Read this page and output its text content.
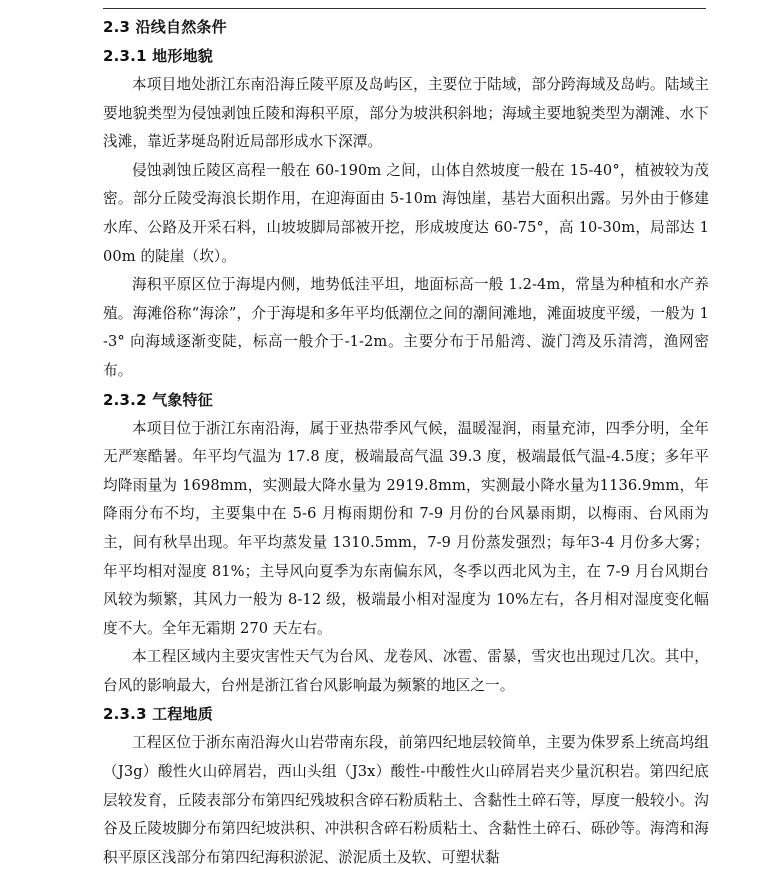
2.3 沿线自然条件
2.3.1 地形地貌

本项目地处浙江东南沿海丘陵平原及岛屿区，主要位于陆域，部分跨海域及岛屿。陆域主要地貌类型为侵蚀剥蚀丘陵和海积平原，部分为坡洪积斜地；海域主要地貌类型为潮滩、水下浅滩，靠近茅埏岛附近局部形成水下深潭。

侵蚀剥蚀丘陵区高程一般在 60-190m 之间，山体自然坡度一般在 15-40°，植被较为茂密。部分丘陵受海浪长期作用，在迎海面由 5-10m 海蚀崖，基岩大面积出露。另外由于修建水库、公路及开采石料，山坡坡脚局部被开挖，形成坡度达 60-75°，高 10-30m，局部达 100m 的陡崖（坎）。

海积平原区位于海堤内侧，地势低洼平坦，地面标高一般 1.2-4m，常垦为种植和水产养殖。海滩俗称“海涂”，介于海堤和多年平均低潮位之间的潮间滩地，滩面坡度平缓，一般为 1-3° 向海域逐渐变陡，标高一般介于-1-2m。主要分布于吊船湾、漩门湾及乐清湾，渔网密布。

2.3.2 气象特征

本项目位于浙江东南沿海，属于亚热带季风气候，温暖湿润，雨量充沛，四季分明，全年无严寒酷暑。年平均气温为 17.8 度，极端最高气温 39.3 度，极端最低气温-4.5度；多年平均降雨量为 1698mm，实测最大降水量为 2919.8mm，实测最小降水量为1136.9mm，年降雨分布不均，主要集中在 5-6 月梅雨期份和 7-9 月份的台风暴雨期，以梅雨、台风雨为主，间有秋旱出现。年平均蒸发量 1310.5mm，7-9 月份蒸发强烈；每年3-4 月份多大雾；年平均相对湿度 81%；主导风向夏季为东南偏东风，冬季以西北风为主，在 7-9 月台风期台风较为频繁，其风力一般为 8-12 级，极端最小相对湿度为 10%左右，各月相对湿度变化幅度不大。全年无霜期 270 天左右。

本工程区域内主要灾害性天气为台风、龙卷风、冰雹、雷暴，雪灾也出现过几次。其中，台风的影响最大，台州是浙江省台风影响最为频繁的地区之一。

2.3.3 工程地质

工程区位于浙东南沿海火山岩带南东段，前第四纪地层较简单，主要为侏罗系上统高坞组（J3g）酸性火山碎屑岩，西山头组（J3x）酸性-中酸性火山碎屑岩夹少量沉积岩。第四纪底层较发育，丘陵表部分布第四纪残坡积含碎石粉质粘土、含黏性土碎石等，厚度一般较小。沟谷及丘陵坡脚分布第四纪坡洪积、冲洪积含碎石粉质粘土、含黏性土碎石、砾砂等。海湾和海积平原区浅部分布第四纪海积淤泥、淤泥质土及软、可塑状黏
